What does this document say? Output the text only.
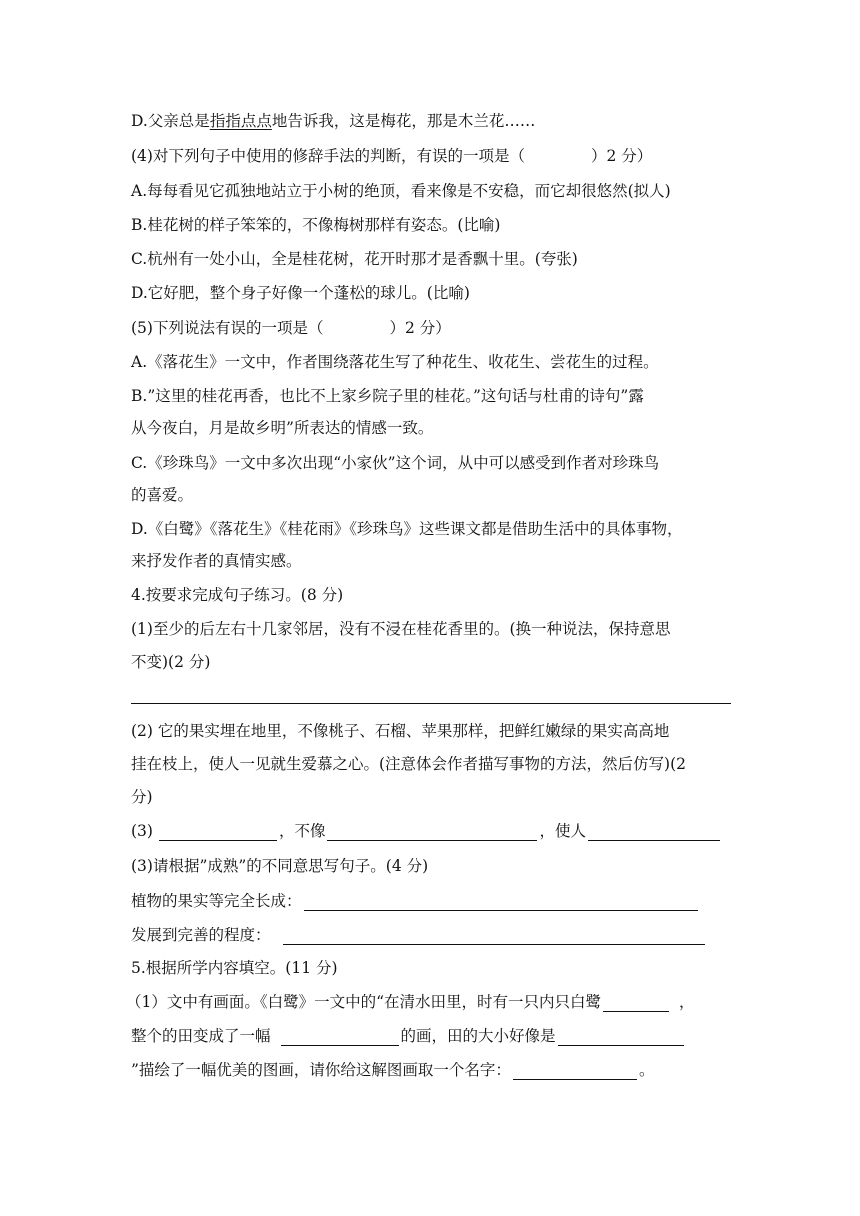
D.父亲总是指指点点地告诉我，这是梅花，那是木兰花……
(4)对下列句子中使用的修辞手法的判断，有误的一项是（	）2 分）
A.每每看见它孤独地站立于小树的绝顶，看来像是不安稳，而它却很悠然(拟人)
B.桂花树的样子笨笨的，不像梅树那样有姿态。(比喻)
C.杭州有一处小山，全是桂花树，花开时那才是香飘十里。(夸张)
D.它好肥，整个身子好像一个蓬松的球儿。(比喻)
(5)下列说法有误的一项是（	）2 分）
A.《落花生》一文中，作者围绕落花生写了种花生、收花生、尝花生的过程。
B.”这里的桂花再香，也比不上家乡院子里的桂花。”这句话与杜甫的诗句”露
从今夜白，月是故乡明”所表达的情感一致。
C.《珍珠鸟》一文中多次出现“小家伙”这个词，从中可以感受到作者对珍珠鸟
的喜爱。
D.《白鹭》《落花生》《桂花雨》《珍珠鸟》这些课文都是借助生活中的具体事物，
来抒发作者的真情实感。
4.按要求完成句子练习。(8 分)
(1)至少的后左右十几家邻居，没有不浸在桂花香里的。(换一种说法，保持意思
不变)(2 分)
(2) 它的果实埋在地里，不像桃子、石榴、苹果那样，把鲜红嫩绿的果实高高地
挂在枝上，使人一见就生爱慕之心。(注意体会作者描写事物的方法，然后仿写)(2
分)
(3)	，不像	，使人
(3)请根据”成熟”的不同意思写句子。(4 分)
植物的果实等完全长成：
发展到完善的程度：
5.根据所学内容填空。(11 分)
（1）文中有画面。《白鹭》一文中的“在清水田里，时有一只内只白鹭	，
整个的田变成了一幅	的画，田的大小好像是
”描绘了一幅优美的图画，请你给这解图画取一个名字：	。
